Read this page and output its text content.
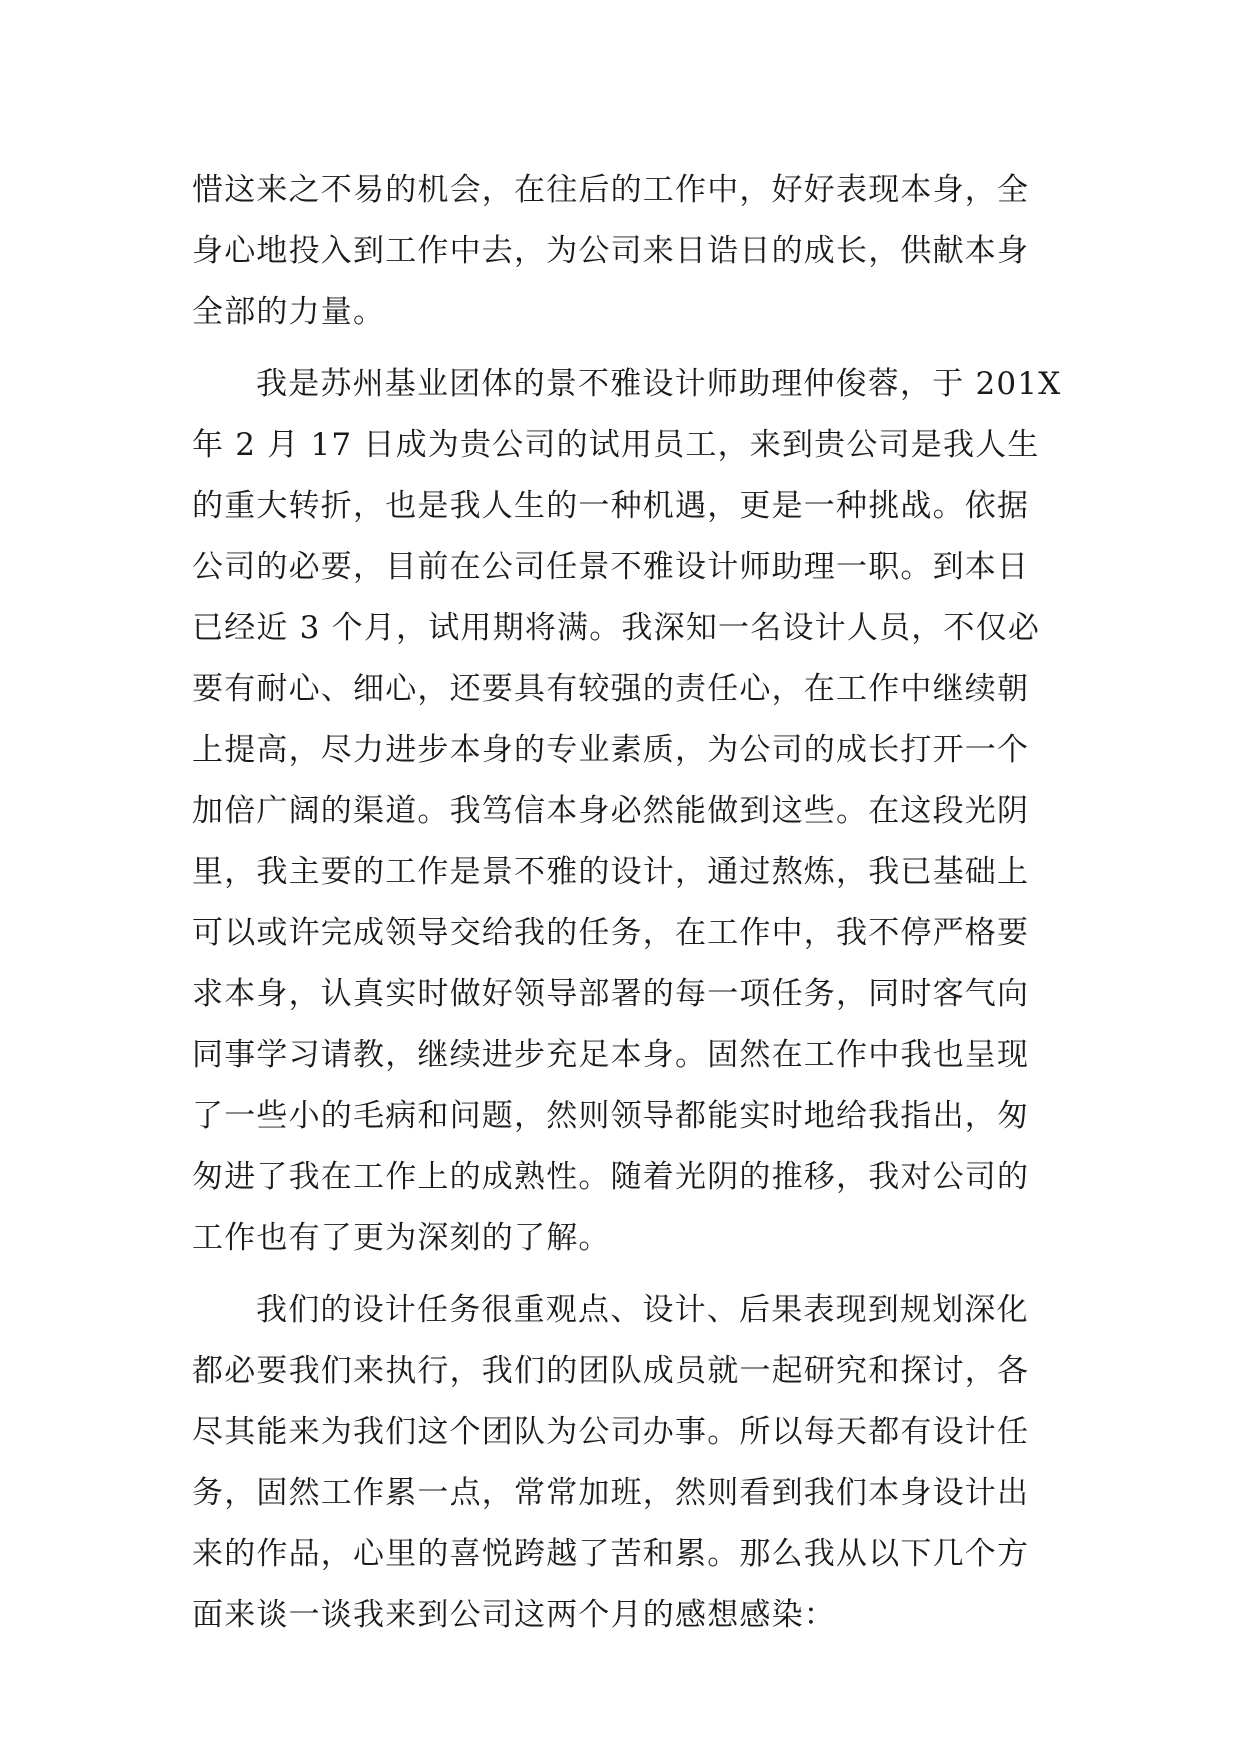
惜这来之不易的机会，在往后的工作中，好好表现本身，全
身心地投入到工作中去，为公司来日诰日的成长，供献本身
全部的力量。
我是苏州基业团体的景不雅设计师助理仲俊蓉，于 201X
年 2 月 17 日成为贵公司的试用员工，来到贵公司是我人生
的重大转折，也是我人生的一种机遇，更是一种挑战。依据
公司的必要，目前在公司任景不雅设计师助理一职。到本日
已经近 3 个月，试用期将满。我深知一名设计人员，不仅必
要有耐心、细心，还要具有较强的责任心，在工作中继续朝
上提高，尽力进步本身的专业素质，为公司的成长打开一个
加倍广阔的渠道。我笃信本身必然能做到这些。在这段光阴
里，我主要的工作是景不雅的设计，通过熬炼，我已基础上
可以或许完成领导交给我的任务，在工作中，我不停严格要
求本身，认真实时做好领导部署的每一项任务，同时客气向
同事学习请教，继续进步充足本身。固然在工作中我也呈现
了一些小的毛病和问题，然则领导都能实时地给我指出，匆
匆进了我在工作上的成熟性。随着光阴的推移，我对公司的
工作也有了更为深刻的了解。
我们的设计任务很重观点、设计、后果表现到规划深化
都必要我们来执行，我们的团队成员就一起研究和探讨，各
尽其能来为我们这个团队为公司办事。所以每天都有设计任
务，固然工作累一点，常常加班，然则看到我们本身设计出
来的作品，心里的喜悦跨越了苦和累。那么我从以下几个方
面来谈一谈我来到公司这两个月的感想感染：
